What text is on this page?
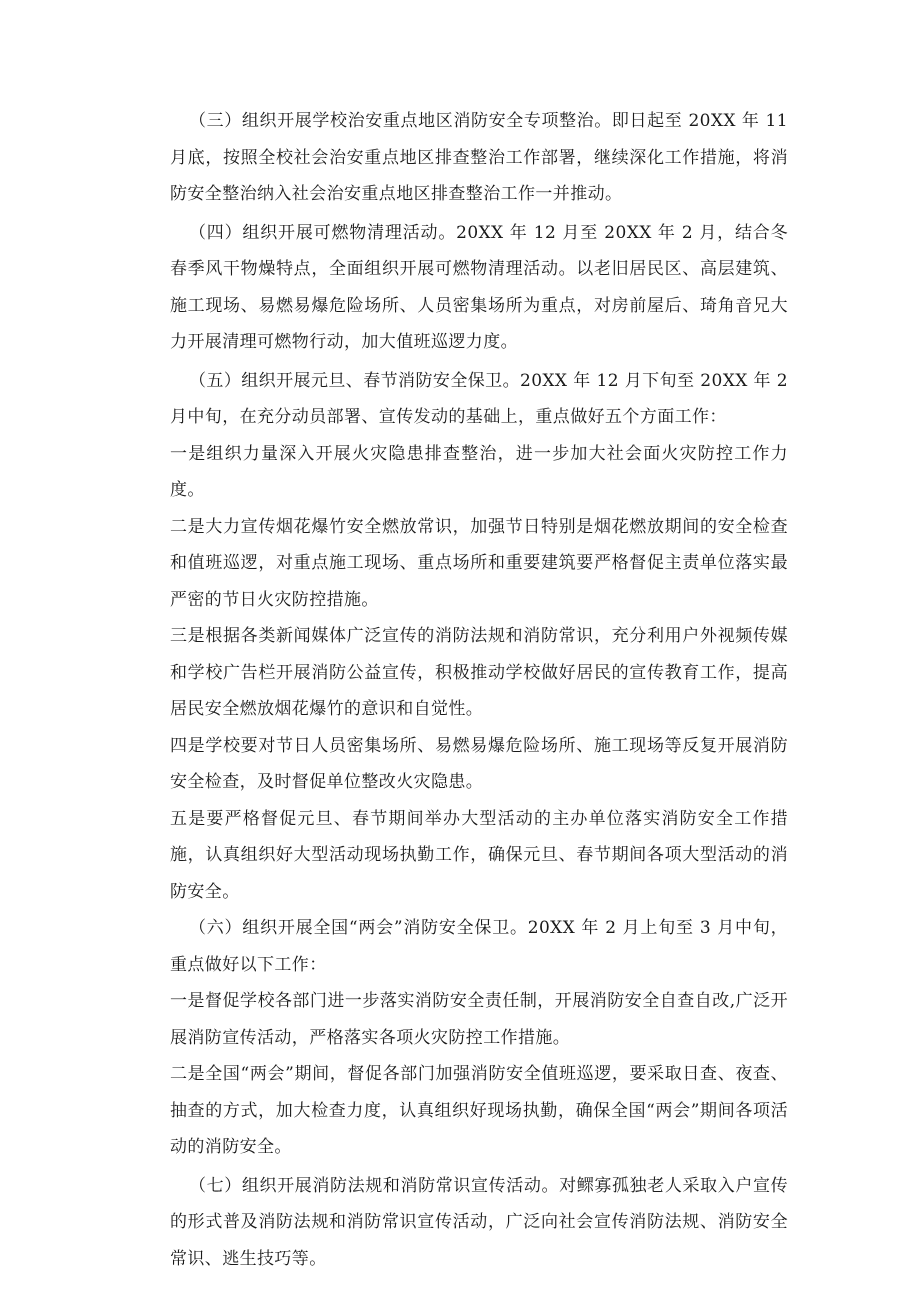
（三）组织开展学校治安重点地区消防安全专项整治。即日起至 20XX 年 11 月底，按照全校社会治安重点地区排查整治工作部署，继续深化工作措施，将消防安全整治纳入社会治安重点地区排查整治工作一并推动。

（四）组织开展可燃物清理活动。20XX 年 12 月至 20XX 年 2 月，结合冬春季风干物燥特点，全面组织开展可燃物清理活动。以老旧居民区、高层建筑、施工现场、易燃易爆危险场所、人员密集场所为重点，对房前屋后、琦角音兄大力开展清理可燃物行动，加大值班巡逻力度。

（五）组织开展元旦、春节消防安全保卫。20XX 年 12 月下旬至 20XX 年 2 月中旬，在充分动员部署、宣传发动的基础上，重点做好五个方面工作：

一是组织力量深入开展火灾隐患排查整治，进一步加大社会面火灾防控工作力度。

二是大力宣传烟花爆竹安全燃放常识，加强节日特别是烟花燃放期间的安全检查和值班巡逻，对重点施工现场、重点场所和重要建筑要严格督促主责单位落实最严密的节日火灾防控措施。

三是根据各类新闻媒体广泛宣传的消防法规和消防常识，充分利用户外视频传媒和学校广告栏开展消防公益宣传，积极推动学校做好居民的宣传教育工作，提高居民安全燃放烟花爆竹的意识和自觉性。

四是学校要对节日人员密集场所、易燃易爆危险场所、施工现场等反复开展消防安全检查，及时督促单位整改火灾隐患。

五是要严格督促元旦、春节期间举办大型活动的主办单位落实消防安全工作措施，认真组织好大型活动现场执勤工作，确保元旦、春节期间各项大型活动的消防安全。

（六）组织开展全国“两会”消防安全保卫。20XX 年 2 月上旬至 3 月中旬，重点做好以下工作：

一是督促学校各部门进一步落实消防安全责任制，开展消防安全自查自改,广泛开展消防宣传活动，严格落实各项火灾防控工作措施。

二是全国“两会”期间，督促各部门加强消防安全值班巡逻，要采取日查、夜查、抽查的方式，加大检查力度，认真组织好现场执勤，确保全国“两会”期间各项活动的消防安全。

（七）组织开展消防法规和消防常识宣传活动。对鳏寡孤独老人采取入户宣传的形式普及消防法规和消防常识宣传活动，广泛向社会宣传消防法规、消防安全常识、逃生技巧等。
